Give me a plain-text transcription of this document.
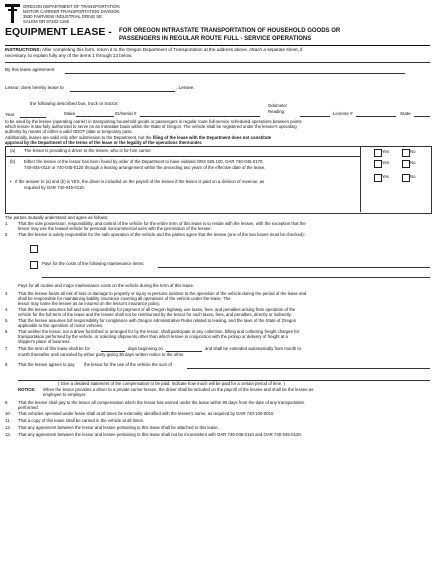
OREGON DEPARTMENT OF TRANSPORTATION
MOTOR CARRIER TRANSPORTATION DIVISION
3930 FAIRVIEW INDUSTRIAL DRIVE SE
SALEM OR 97302-1166
EQUIPMENT LEASE - FOR OREGON INTRASTATE TRANSPORTATION OF HOUSEHOLD GOODS OR
PASSENGERS IN REGULAR ROUTE FULL - SERVICE OPERATIONS
INSTRUCTIONS: After completing this form, return it to the Oregon Department of Transportation at the address above. Attach a separate sheet, if
necessary, to explain fully any of the items 1 through 13 below.
By this lease agreement
Lessor, does hereby lease to	, Lessee,
the following described bus, truck or tractor:	Odometer
Reading
Year	Make	ID/Serial #	License #	State
to be used by the lessee (operating carrier) in transporting household goods or passengers in regular route full-service scheduled operations between points
which lessee is law fully authorized to serve on an intrastate basis within the State of Oregon. The vehicle shall be registered under the lessee's operating
authority by means of either a valid ODOT plate or temporary pass.
Additionally, leases are valid only after submission to the Department, but the filing of the lease with the Department does not constitute
approval by the Department of the terms of the lease or the legality of the operations thereunder.
(a) The lessor is providing a driver to the lessee, who is for-hire carrier.
(b) Either the lessee or the lessor has been found by order of the Department to have violated ORS 825.100, OAR 740-045-0170,
740-045-0110 or 740-045-0120 through a leasing arrangement within the preceding two years of the effective date of the lease.
Yes	No
Yes	No
Yes	No
• If the answer to (a) and (b) is YES, the driver is included on the payroll of the lessee if the lessor is paid on a division of revenue, as
required by OAR 740-045-0110.
The parties mutually understand and agree as follows:
1. That the sole possession, responsibility, and control of the vehicle for the entire term of this lease is to reside with the lessee, with the exception that the
lessor may use the leased vehicle for personal noncommercial uses with the permission of the lessee.
2. That the lessee is solely responsible for the safe operation of the vehicle and the parties agree that the lessee (one of the two boxes must be checked):
Pays for the costs of the following maintenance items:
Pays for all routine and major maintenance costs on the vehicle during the term of this lease.
3. That the lessee bears all risk of loss or damage to property or injury to persons incident to the operation of the vehicle during the period of the lease and
shall be responsible for maintaining liability insurance covering all operations of the vehicle under the lease. The
lessor may name the lessee as an insured on the lessor's insurance policy.
4. That the lessee assumes full and sole responsibility for payment of all Oregon highway use taxes, fees, and penalties arising from operation of the
vehicle for the full term of the lease and the lessee shall not be reimbursed by the lessor for such taxes, fees, and penalties, directly or indirectly.
5. That the lessee assumes full responsibility for compliance with Oregon Administrative Rules related to leasing, and the laws of the State of Oregon
applicable to the operation of motor vehicles.
6. That neither the lessor, nor a driver furnished or arranged for by the lessor, shall participate in any collection, billing and collecting freight charges for
transportation performed by the vehicle, or soliciting shipments other than which lessee in conjunction with the pickup or delivery of freight at a
shipper's place of business.
7. That the term of this lease shall be for	days beginning on	and shall be extended automatically from month to
month thereafter until canceled by either party giving 30 days written notice to the other.
8. That the lessee agrees to pay the lessor for the use of the vehicle the sum of
( Give a detailed statement of the compensation to be paid. Indicate how much will be paid for a certain period of time. )
NOTICE: When the lessor provides a driver to a private carrier lessee, the driver shall be included on the payroll of the lessee and shall be the lessee as
employee to employer.
9. That the lessee shall pay to the lessor all compensation which the lessor has earned under the lease within 90 days from the date of any transportation
performed.
10. That vehicles operated under lease shall at all times be externally identified with the lessee's name, as required by OAR 740-100-0010.
11. That a copy of this lease shall be carried in the vehicle at all times.
12. That any agreement between the lessor and lessee pertaining to this lease shall be attached to this lease.
13. That any agreement between the lessor and lessee pertaining to this lease shall not be inconsistent with OAR 740-045-0110 and OAR 740-045-0120.
